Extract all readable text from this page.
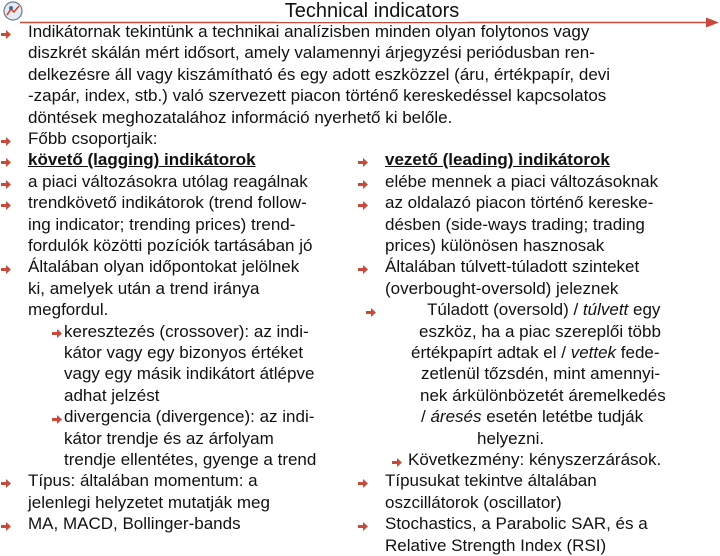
Technical indicators
Indikátornak tekintünk a technikai analízisben minden olyan folytonos vagy
diszkrét skálán mért idősort, amely valamennyi árjegyzési periódusban ren-
delkezésre áll vagy kiszámítható és egy adott eszközzel (áru, értékpapír, devi
-zapár, index, stb.) való szervezett piacon történő kereskedéssel kapcsolatos
döntések meghozatalához információ nyerhető ki belőle.
Főbb csoportjaik:
követő (lagging) indikátorok
a piaci változásokra utólag reagálnak
trendkövető indikátorok (trend follow-
ing indicator; trending prices) trend-
fordulók közötti pozíciók tartásában jó
Általában olyan időpontokat jelölnek
ki, amelyek után a trend iránya
megfordul.
keresztezés (crossover): az indi-
kátor vagy egy bizonyos értéket
vagy egy másik indikátort átlépve
adhat jelzést
divergencia (divergence): az indi-
kátor trendje és az árfolyam
trendje ellentétes, gyenge a trend
Típus: általában momentum: a
jelenlegi helyzetet mutatják meg
MA, MACD, Bollinger-bands
vezető (leading) indikátorok
elébe mennek a piaci változásoknak
az oldalazó piacon történő kereske-
désben (side-ways trading; trading
prices) különösen hasznosak
Általában túlvett-túladott szinteket
(overbought-oversold) jeleznek
Túladott (oversold) / túlvett egy
eszköz, ha a piac szereplői több
értékpapírt adtak el / vettek fede-
zetlenül tőzsdén, mint amennyi-
nek árkülönbözetét áremelkedés
/ áresés esetén letétbe tudják
helyezni.
Következmény: kényszerzárások.
Típusukat tekintve általában
oszcillátorok (oscillator)
Stochastics, a Parabolic SAR, és a
Relative Strength Index (RSI)
